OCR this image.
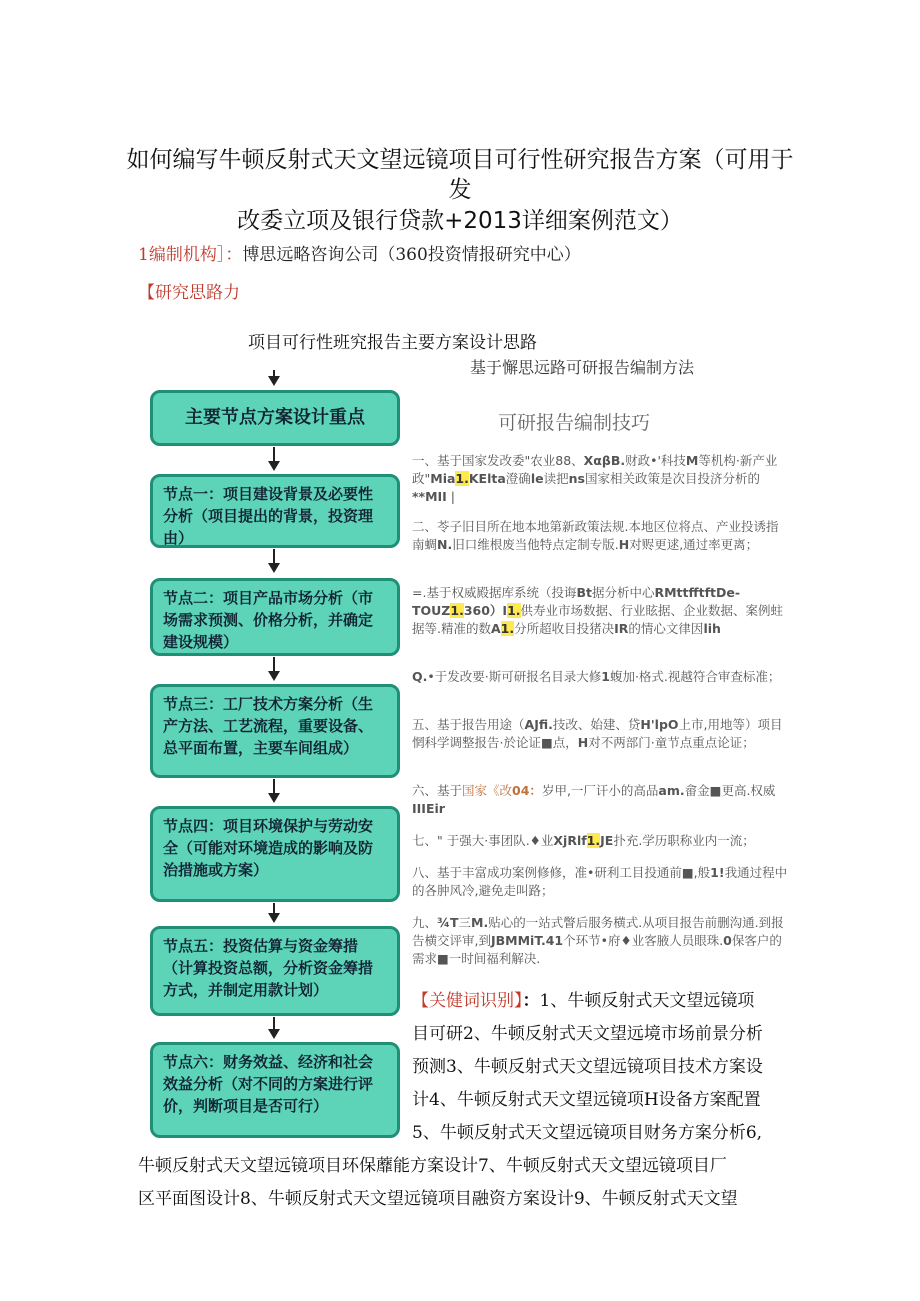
如何编写牛顿反射式天文望远镜项目可行性研究报告方案（可用于
发
改委立项及银行贷款+2013详细案例范文）
1编制机构］：博思远略咨询公司（360投资情报研究中心）
【研究思路力
项目可行性班究报告主要方案设计思路
基于懈思远路可研报告编制方法
主要节点方案设计重点
节点一：项目建设背景及必要性分析（项目提出的背景，投资理由）
节点二：项目产品市场分析（市场需求预测、价格分析，并确定建设规模）
节点三：工厂技术方案分析（生产方法、工艺流程，重要设备、总平面布置，主要车间组成）
节点四：项目环境保护与劳动安全（可能对环境造成的影响及防治措施或方案）
节点五：投资估算与资金筹措（计算投资总额，分析资金筹措方式，并制定用款计划）
节点六：财务效益、经济和社会效益分析（对不同的方案进行评价，判断项目是否可行）
可研报告编制技巧
一、基于国家发改委"农业88、XαβB.财政•'科技M等机构·新产业政"Mia1.KElta澄确le读把ns国家相关政策是次目投济分析的**MII |
二、苓子旧目所在地本地第新政策法规.本地区位将点、产业投诱指南蜩N.旧口维根废当他特点定制专版.H对赆更逑,通过率更离；
=.基于权威殿据库系统（投诲Bt据分析中心RMttfftftDe-TOUZ1.360）I1.供寿业市场数据、行业眩据、企业数据、案例蛀据等.精准的数A1.分所超收目投猪决IR的情心文律因lih
Q.•于发改要·斯可研报名目录大修1蝮加·格式.视越符合审查标准；
五、基于报告用途（AJfi.技改、始建、贷H'lpO上市,用地等）项目惘科学调整报告·於论证■点，H对不两部门·童节点重点论证；
六、基于国家《改04：岁甲,一厂讦小的高品am.畲金■更高.权威IIIEir
七、" 于强大·事团队.♦业XjRlf1.JE扑充.学历职称业内一流；
八、基于丰富成功案例修修，准•研利工目投通前■,般1!我通过程中的各肿风冷,避免走叫路；
九、¾T三M.贴心的一站式瞥后服务横式.从项目报告前删沟通.到报告横交评审,到JBMMiT.41个环节•府♦业客腋人员眼珠.0保客户的需求■一时间福利解决.
【关健词识别】：1、牛顿反射式天文望远镜项
目可研2、牛顿反射式天文望远境市场前景分析
预测3、牛顿反射式天文望远镜项目技术方案设
计4、牛顿反射式天文望远镜项H设备方案配置
5、牛顿反射式天文望远镜项目财务方案分析6,
牛顿反射式天文望远镜项目环保蘼能方案设计7、牛顿反射式天文望远镜项目厂
区平面图设计8、牛顿反射式天文望远镜项目融资方案设计9、牛顿反射式天文望
